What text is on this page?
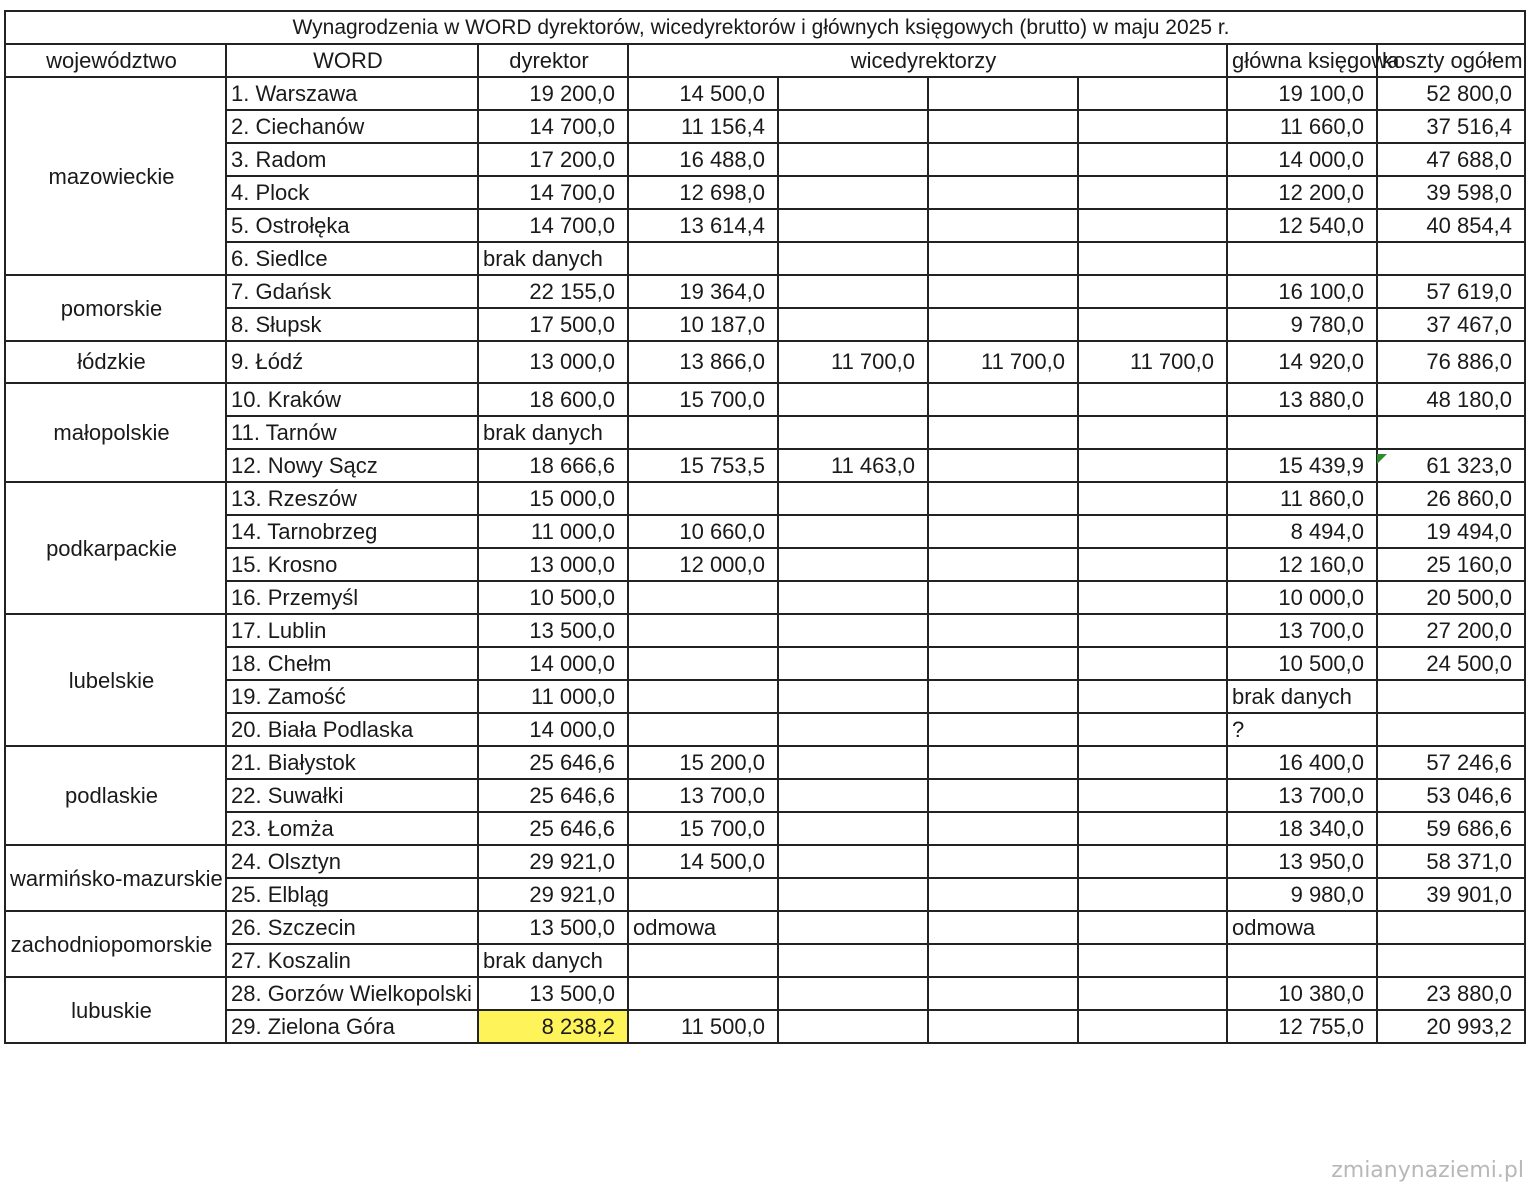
Wynagrodzenia w WORD dyrektorów, wicedyrektorów i głównych księgowych (brutto) w maju 2025 r.								
województwo	WORD	dyrektor	wicedyrektorzy				główna księgowa	koszty ogółem
mazowieckie	1. Warszawa	19 200,0	14 500,0				19 100,0	52 800,0
	2. Ciechanów	14 700,0	11 156,4				11 660,0	37 516,4
	3. Radom	17 200,0	16 488,0				14 000,0	47 688,0
	4. Plock	14 700,0	12 698,0				12 200,0	39 598,0
	5. Ostrołęka	14 700,0	13 614,4				12 540,0	40 854,4
	6. Siedlce	brak danych						
pomorskie	7. Gdańsk	22 155,0	19 364,0				16 100,0	57 619,0
	8. Słupsk	17 500,0	10 187,0				9 780,0	37 467,0
łódzkie	9. Łódź	13 000,0	13 866,0	11 700,0	11 700,0	11 700,0	14 920,0	76 886,0
małopolskie	10. Kraków	18 600,0	15 700,0				13 880,0	48 180,0
	11. Tarnów	brak danych						
	12. Nowy Sącz	18 666,6	15 753,5	11 463,0			15 439,9	61 323,0
podkarpackie	13. Rzeszów	15 000,0					11 860,0	26 860,0
	14. Tarnobrzeg	11 000,0	10 660,0				8 494,0	19 494,0
	15. Krosno	13 000,0	12 000,0				12 160,0	25 160,0
	16. Przemyśl	10 500,0					10 000,0	20 500,0
lubelskie	17. Lublin	13 500,0					13 700,0	27 200,0
	18. Chełm	14 000,0					10 500,0	24 500,0
	19. Zamość	11 000,0					brak danych	
	20. Biała Podlaska	14 000,0					?	
podlaskie	21. Białystok	25 646,6	15 200,0				16 400,0	57 246,6
	22. Suwałki	25 646,6	13 700,0				13 700,0	53 046,6
	23. Łomża	25 646,6	15 700,0				18 340,0	59 686,6
warmińsko-mazurskie	24. Olsztyn	29 921,0	14 500,0				13 950,0	58 371,0
	25. Elbląg	29 921,0					9 980,0	39 901,0
zachodniopomorskie	26. Szczecin	13 500,0	odmowa				odmowa	
	27. Koszalin	brak danych						
lubuskie	28. Gorzów Wielkopolski	13 500,0					10 380,0	23 880,0
	29. Zielona Góra	8 238,2	11 500,0				12 755,0	20 993,2
zmianynaziemi.pl
